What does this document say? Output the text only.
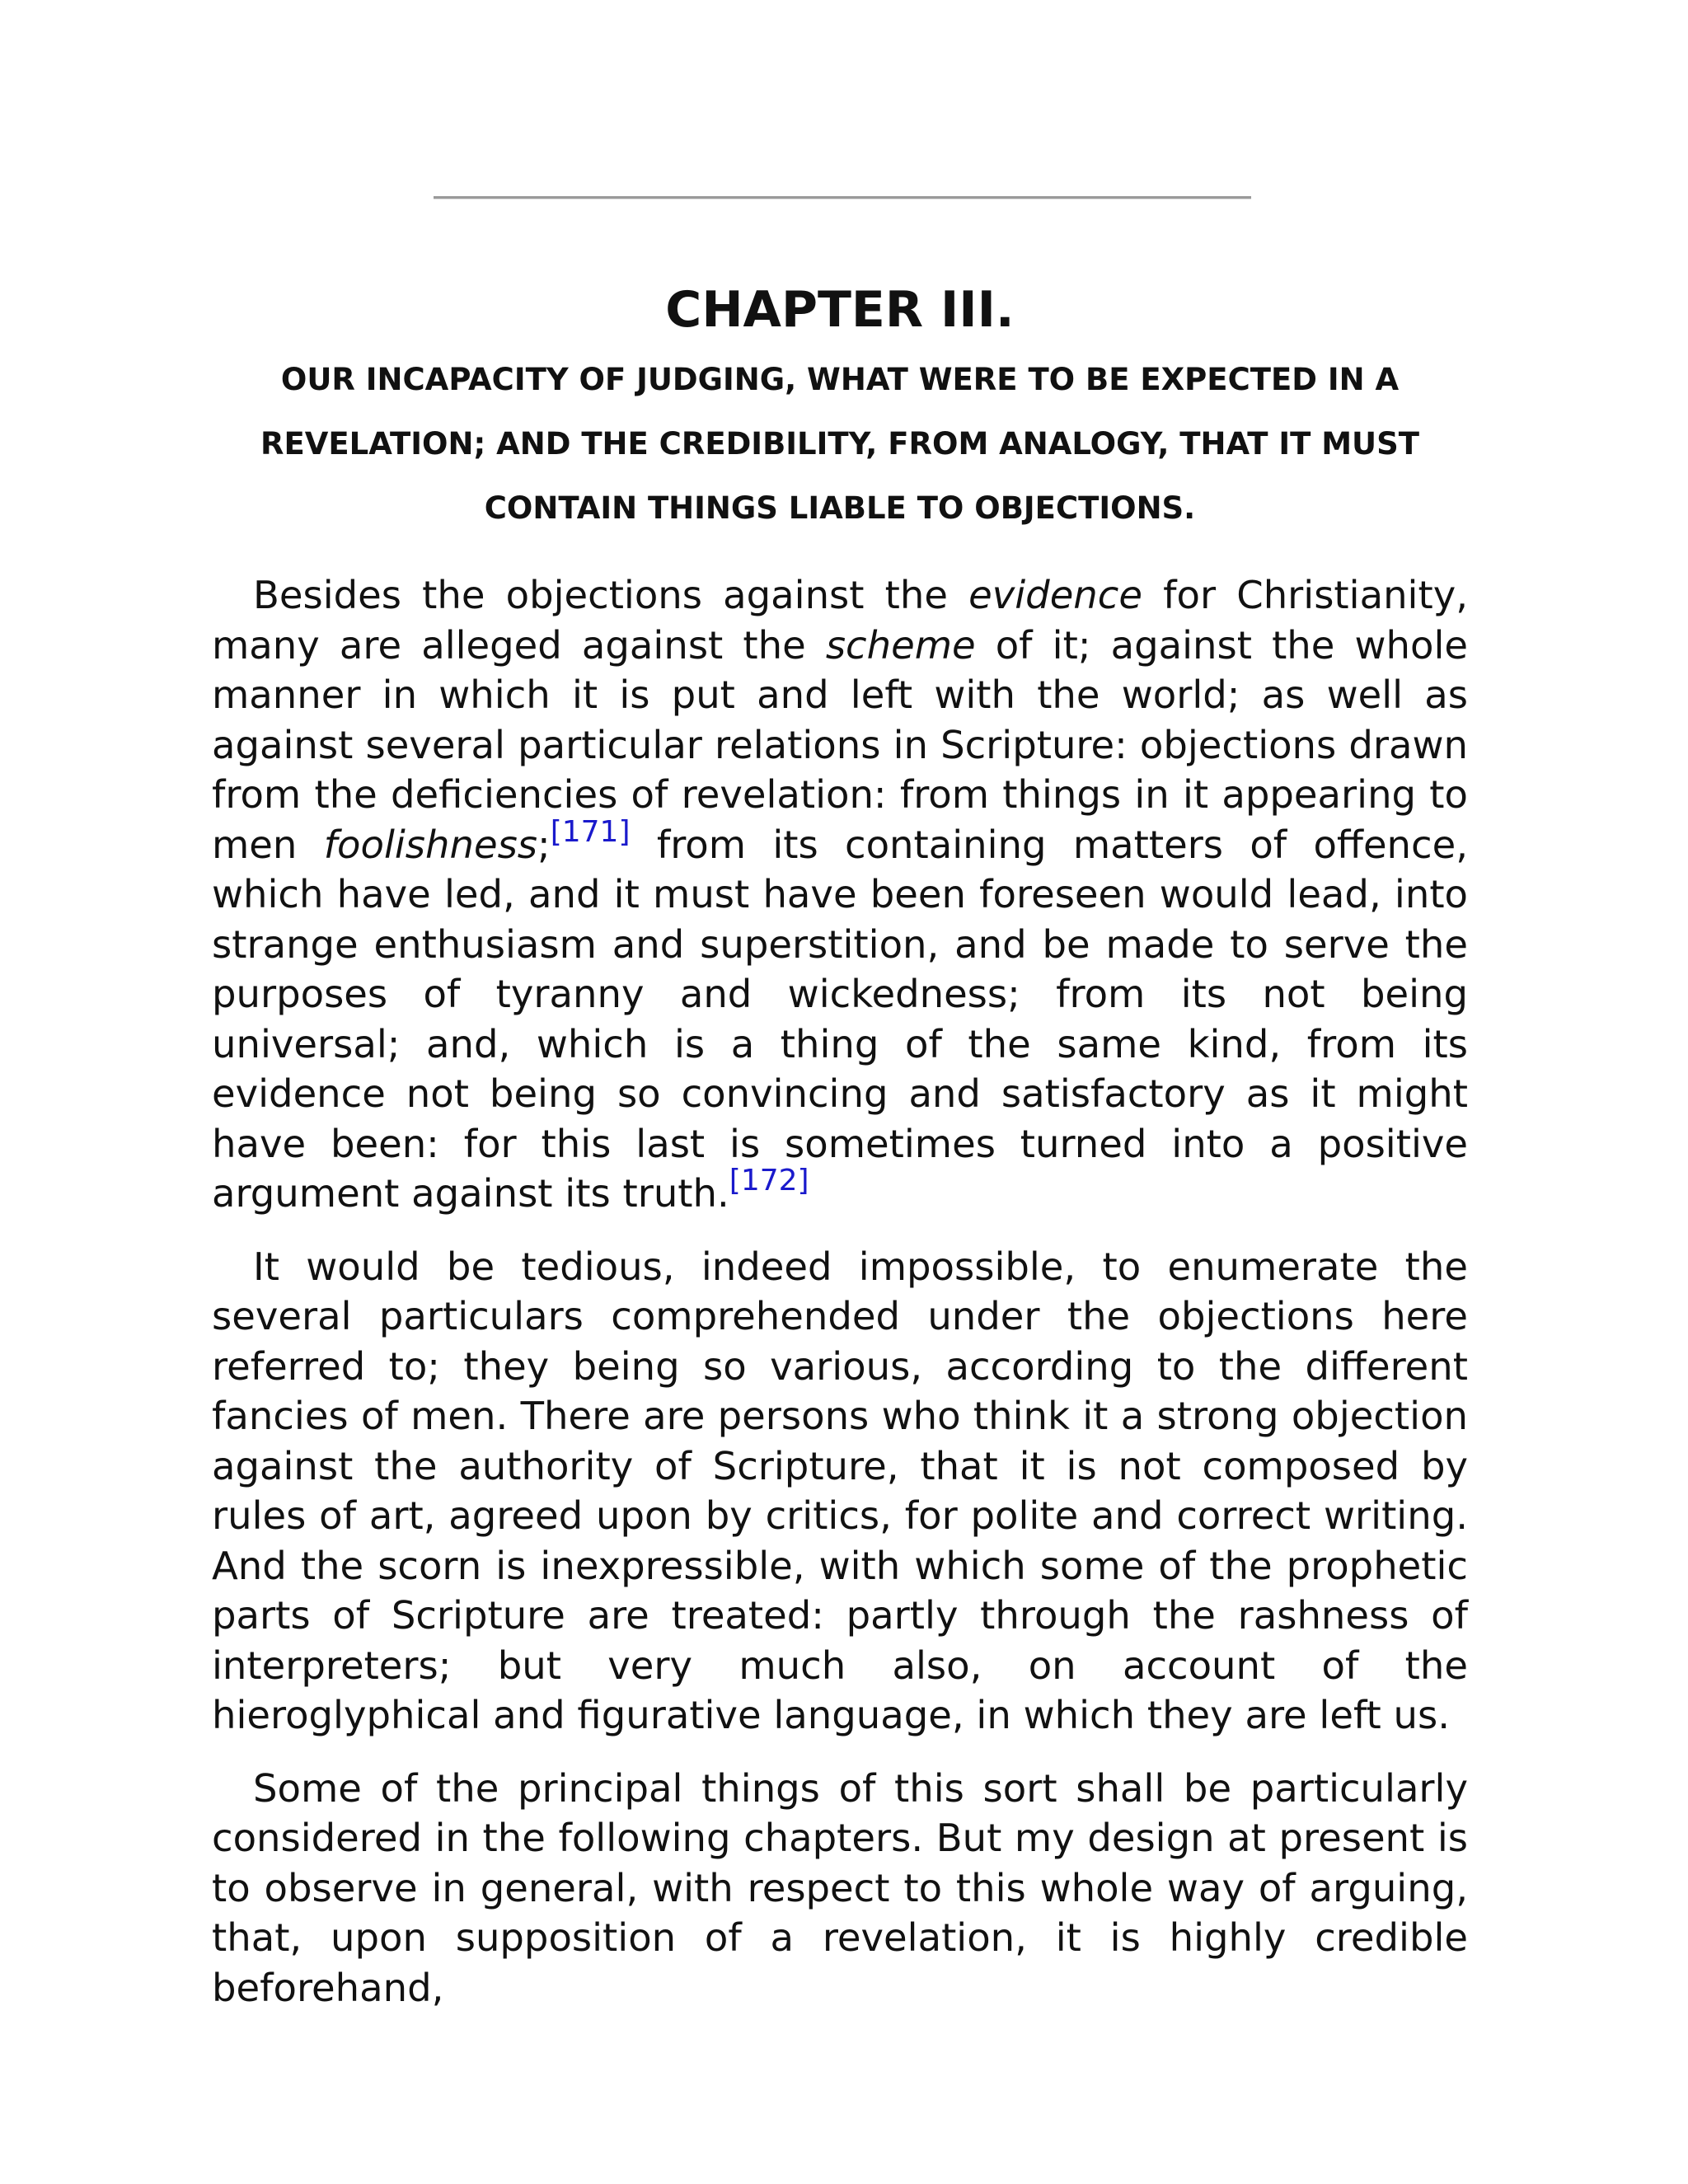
CHAPTER III.
OUR INCAPACITY OF JUDGING, WHAT WERE TO BE EXPECTED IN A REVELATION; AND THE CREDIBILITY, FROM ANALOGY, THAT IT MUST CONTAIN THINGS LIABLE TO OBJECTIONS.

Besides the objections against the evidence for Christianity, many are alleged against the scheme of it; against the whole manner in which it is put and left with the world; as well as against several particular relations in Scripture: objections drawn from the deficiencies of revelation: from things in it appearing to men foolishness;[171] from its containing matters of offence, which have led, and it must have been foreseen would lead, into strange enthusiasm and superstition, and be made to serve the purposes of tyranny and wickedness; from its not being universal; and, which is a thing of the same kind, from its evidence not being so convincing and satisfactory as it might have been: for this last is sometimes turned into a positive argument against its truth.[172]

It would be tedious, indeed impossible, to enumerate the several particulars comprehended under the objections here referred to; they being so various, according to the different fancies of men. There are persons who think it a strong objection against the authority of Scripture, that it is not composed by rules of art, agreed upon by critics, for polite and correct writing. And the scorn is inexpressible, with which some of the prophetic parts of Scripture are treated: partly through the rashness of interpreters; but very much also, on account of the hieroglyphical and figurative language, in which they are left us.

Some of the principal things of this sort shall be particularly considered in the following chapters. But my design at present is to observe in general, with respect to this whole way of arguing, that, upon supposition of a revelation, it is highly credible beforehand,
